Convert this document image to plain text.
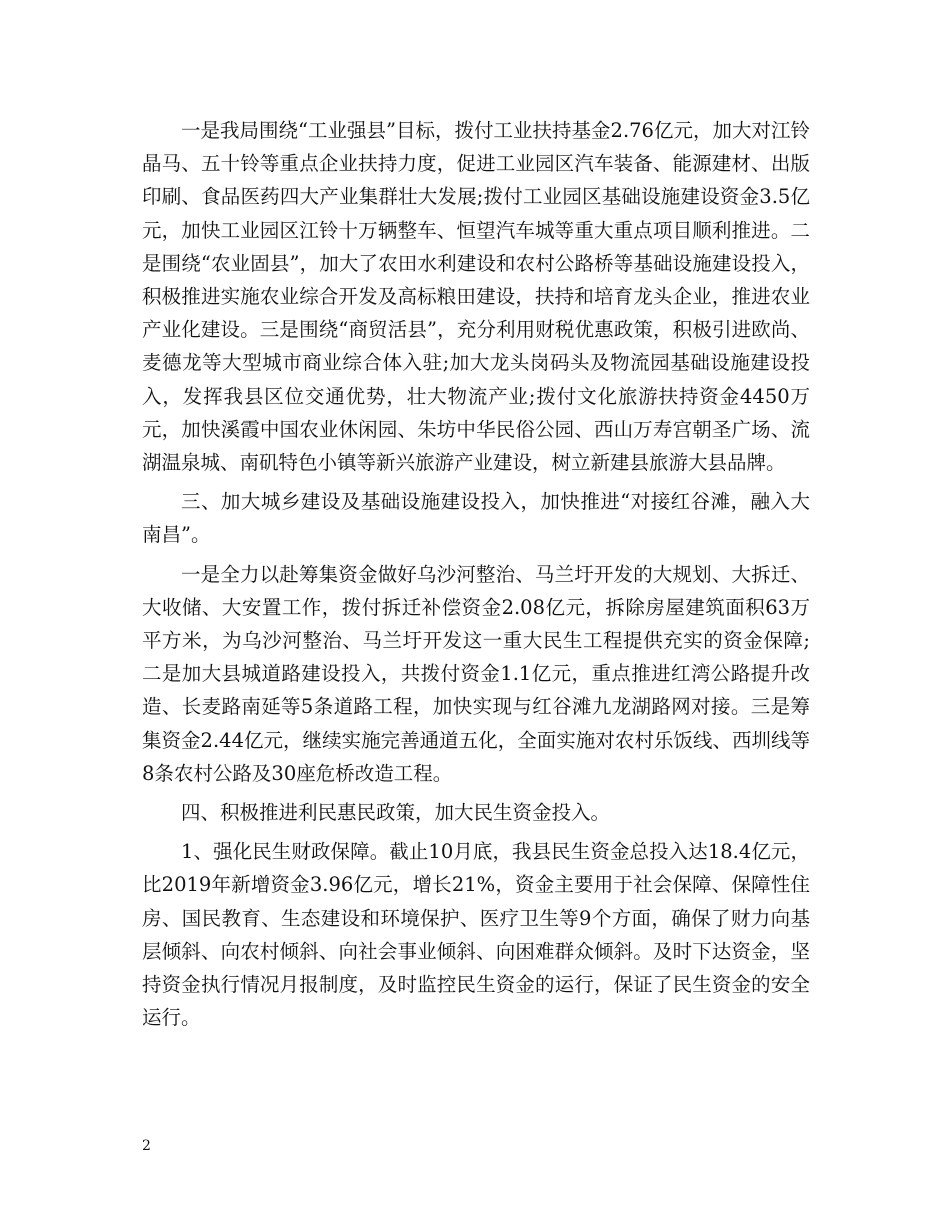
一是我局围绕“工业强县”目标，拨付工业扶持基金2.76亿元，加大对江铃晶马、五十铃等重点企业扶持力度，促进工业园区汽车装备、能源建材、出版印刷、食品医药四大产业集群壮大发展;拨付工业园区基础设施建设资金3.5亿元，加快工业园区江铃十万辆整车、恒望汽车城等重大重点项目顺利推进。二是围绕“农业固县”，加大了农田水利建设和农村公路桥等基础设施建设投入，积极推进实施农业综合开发及高标粮田建设，扶持和培育龙头企业，推进农业产业化建设。三是围绕“商贸活县”，充分利用财税优惠政策，积极引进欧尚、麦德龙等大型城市商业综合体入驻;加大龙头岗码头及物流园基础设施建设投入，发挥我县区位交通优势，壮大物流产业;拨付文化旅游扶持资金4450万元，加快溪霞中国农业休闲园、朱坊中华民俗公园、西山万寿宫朝圣广场、流湖温泉城、南矶特色小镇等新兴旅游产业建设，树立新建县旅游大县品牌。

三、加大城乡建设及基础设施建设投入，加快推进“对接红谷滩，融入大南昌”。

一是全力以赴筹集资金做好乌沙河整治、马兰圩开发的大规划、大拆迁、大收储、大安置工作，拨付拆迁补偿资金2.08亿元，拆除房屋建筑面积63万平方米，为乌沙河整治、马兰圩开发这一重大民生工程提供充实的资金保障;二是加大县城道路建设投入，共拨付资金1.1亿元，重点推进红湾公路提升改造、长麦路南延等5条道路工程，加快实现与红谷滩九龙湖路网对接。三是筹集资金2.44亿元，继续实施完善通道五化，全面实施对农村乐饭线、西圳线等8条农村公路及30座危桥改造工程。

四、积极推进利民惠民政策，加大民生资金投入。

1、强化民生财政保障。截止10月底，我县民生资金总投入达18.4亿元，比2019年新增资金3.96亿元，增长21%，资金主要用于社会保障、保障性住房、国民教育、生态建设和环境保护、医疗卫生等9个方面，确保了财力向基层倾斜、向农村倾斜、向社会事业倾斜、向困难群众倾斜。及时下达资金，坚持资金执行情况月报制度，及时监控民生资金的运行，保证了民生资金的安全运行。

2
